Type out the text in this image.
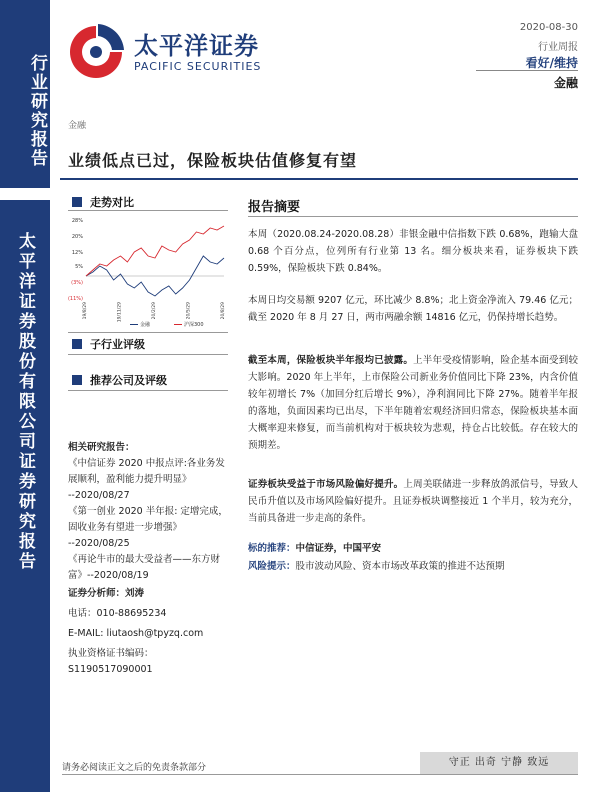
行业研究报告
太平洋证券股份有限公司证券研究报告
太平洋证券
PACIFIC SECURITIES
2020-08-30
行业周报
看好/维持
金融
金融
业绩低点已过，保险板块估值修复有望
走势对比
28%
20%
12%
5%
(3%)
(11%)
19/8/29	19/11/29	20/2/29	20/5/29	20/8/29
金融	沪深300
子行业评级
推荐公司及评级
相关研究报告：
《中信证券 2020 中报点评:各业务发展顺利，盈利能力提升明显》
--2020/08/27
《第一创业 2020 半年报: 定增完成，固收业务有望进一步增强》
--2020/08/25
《再论牛市的最大受益者——东方财富》--2020/08/19
证券分析师：刘涛
电话：010-88695234
E-MAIL: liutaosh@tpyzq.com
执业资格证书编码：S1190517090001
报告摘要
本周（2020.08.24-2020.08.28）非银金融中信指数下跌 0.68%，跑输大盘 0.68 个百分点，位列所有行业第 13 名。细分板块来看，证券板块下跌 0.59%，保险板块下跌 0.84%。
本周日均交易额 9207 亿元，环比减少 8.8%；北上资金净流入 79.46 亿元；截至 2020 年 8 月 27 日，两市两融余额 14816 亿元，仍保持增长趋势。
截至本周，保险板块半年报均已披露。上半年受疫情影响，险企基本面受到较大影响。2020 年上半年，上市保险公司新业务价值同比下降 23%，内含价值较年初增长 7%（加回分红后增长 9%），净利润同比下降 27%。随着半年报的落地，负面因素均已出尽，下半年随着宏观经济回归常态，保险板块基本面大概率迎来修复，而当前机构对于板块较为悲观，持仓占比较低。存在较大的预期差。
证券板块受益于市场风险偏好提升。上周美联储进一步释放鸽派信号，导致人民币升值以及市场风险偏好提升。且证券板块调整接近 1 个半月，较为充分，当前具备进一步走高的条件。
标的推荐：中信证券，中国平安
风险提示：股市波动风险、资本市场改革政策的推进不达预期
请务必阅读正文之后的免责条款部分	守正 出奇 宁静 致远
